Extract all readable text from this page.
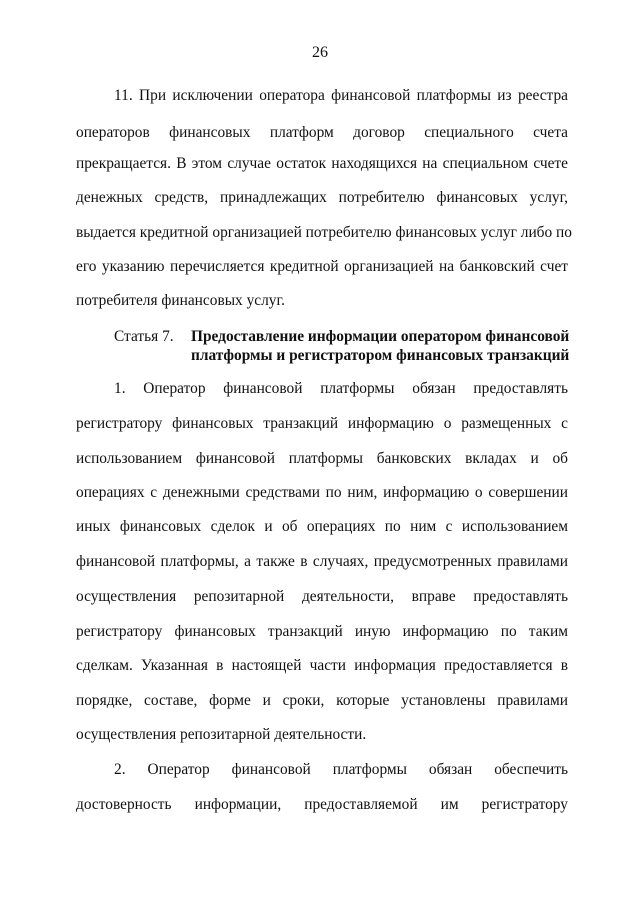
26
11. При исключении оператора финансовой платформы из реестра
операторов финансовых платформ договор специального счета
прекращается. В этом случае остаток находящихся на специальном счете
денежных средств, принадлежащих потребителю финансовых услуг,
выдается кредитной организацией потребителю финансовых услуг либо по
его указанию перечисляется кредитной организацией на банковский счет
потребителя финансовых услуг.
Статья 7. Предоставление информации оператором финансовой
платформы и регистратором финансовых транзакций
1. Оператор финансовой платформы обязан предоставлять
регистратору финансовых транзакций информацию о размещенных с
использованием финансовой платформы банковских вкладах и об
операциях с денежными средствами по ним, информацию о совершении
иных финансовых сделок и об операциях по ним с использованием
финансовой платформы, а также в случаях, предусмотренных правилами
осуществления репозитарной деятельности, вправе предоставлять
регистратору финансовых транзакций иную информацию по таким
сделкам. Указанная в настоящей части информация предоставляется в
порядке, составе, форме и сроки, которые установлены правилами
осуществления репозитарной деятельности.
2. Оператор финансовой платформы обязан обеспечить
достоверность информации, предоставляемой им регистратору
